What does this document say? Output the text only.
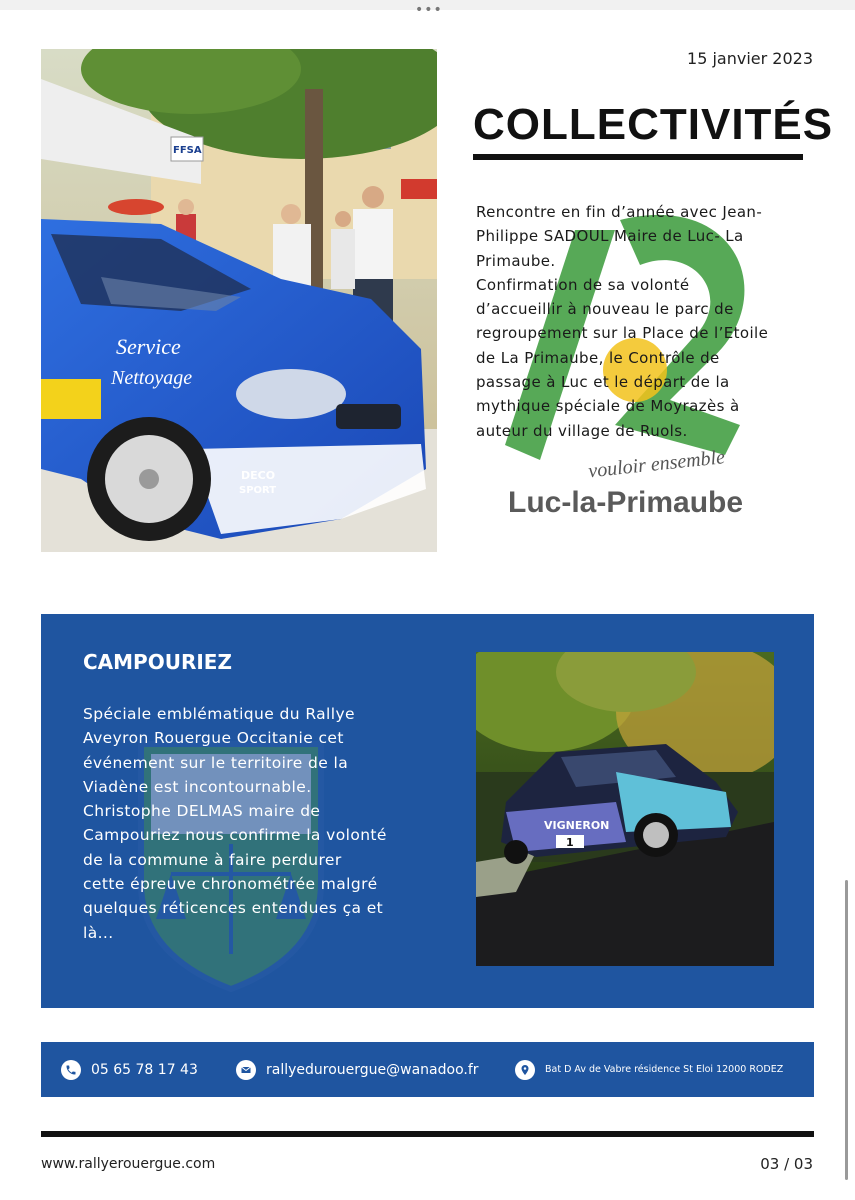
•••
FFSA
Service
Nettoyage
DECO
SPORT
15 janvier 2023
COLLECTIVITÉS
vouloir ensemble
Luc-la-Primaube

Rencontre en fin d’année avec Jean-
Philippe SADOUL Maire de Luc- La
Primaube.
Confirmation de sa volonté
d’accueillir à nouveau le parc de
regroupement sur la Place de l’Etoile
de La Primaube, le Contrôle de
passage à Luc et le départ de la
mythique spéciale de Moyrazès à
auteur du village de Ruols.

CAMPOURIEZ

Spéciale emblématique du Rallye
Aveyron Rouergue Occitanie cet
événement sur le territoire de la
Viadène est incontournable.
Christophe DELMAS maire de
Campouriez nous confirme la volonté
de la commune à faire perdurer
cette épreuve chronométrée malgré
quelques réticences entendues ça et
là...

VIGNERON
1
05 65 78 17 43	rallyedurouergue@wanadoo.fr	Bat D Av de Vabre résidence St Eloi 12000 RODEZ
www.rallyerouergue.com	03 / 03
